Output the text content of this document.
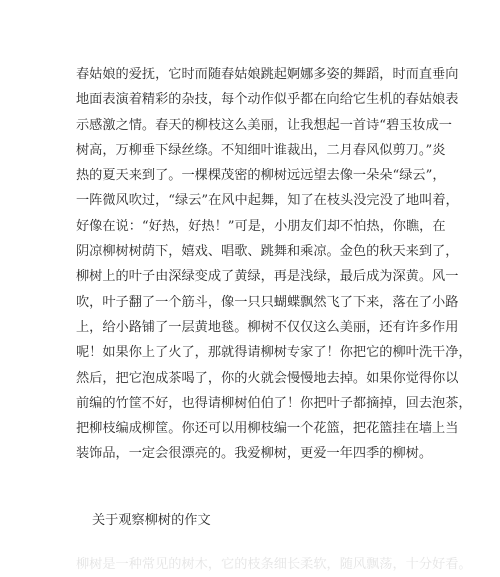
春姑娘的爱抚，它时而随春姑娘跳起婀娜多姿的舞蹈，时而直垂向
地面表演着精彩的杂技，每个动作似乎都在向给它生机的春姑娘表
示感激之情。春天的柳枝这么美丽，让我想起一首诗“碧玉妆成一
树高，万柳垂下绿丝绦。不知细叶谁裁出，二月春风似剪刀。”炎
热的夏天来到了。一棵棵茂密的柳树远远望去像一朵朵“绿云”，
一阵微风吹过，“绿云”在风中起舞，知了在枝头没完没了地叫着，
好像在说：“好热，好热！”可是，小朋友们却不怕热，你瞧，在
阴凉柳树树荫下，嬉戏、唱歌、跳舞和乘凉。金色的秋天来到了，
柳树上的叶子由深绿变成了黄绿，再是浅绿，最后成为深黄。风一
吹，叶子翻了一个筋斗，像一只只蝴蝶飘然飞了下来，落在了小路
上，给小路铺了一层黄地毯。柳树不仅仅这么美丽，还有许多作用
呢！如果你上了火了，那就得请柳树专家了！你把它的柳叶洗干净，
然后，把它泡成茶喝了，你的火就会慢慢地去掉。如果你觉得你以
前编的竹筐不好，也得请柳树伯伯了！你把叶子都摘掉，回去泡茶，
把柳枝编成柳筐。你还可以用柳枝编一个花篮，把花篮挂在墙上当
装饰品，一定会很漂亮的。我爱柳树，更爱一年四季的柳树。
关于观察柳树的作文
柳树是一种常见的树木，它的枝条细长柔软，随风飘荡，十分好看。
